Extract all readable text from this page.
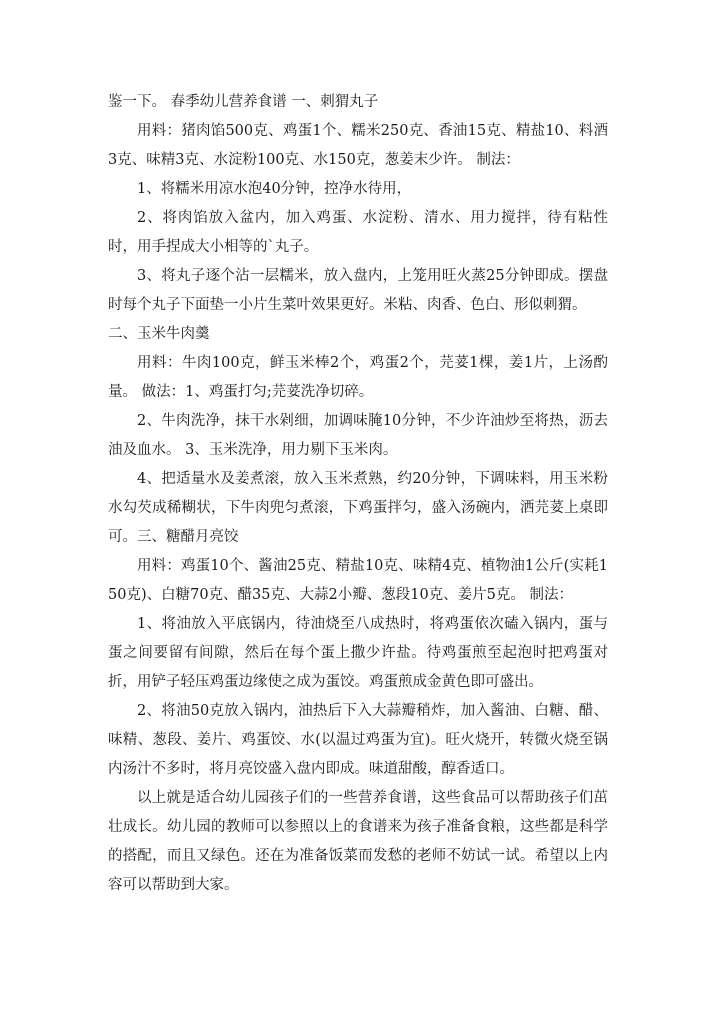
鉴一下。 春季幼儿营养食谱 一、刺猬丸子

用料：猪肉馅500克、鸡蛋1个、糯米250克、香油15克、精盐10、料酒3克、味精3克、水淀粉100克、水150克，葱姜末少许。 制法：

1、将糯米用凉水泡40分钟，控净水待用，

2、将肉馅放入盆内，加入鸡蛋、水淀粉、清水、用力搅拌，待有粘性时，用手捏成大小相等的`丸子。

3、将丸子逐个沾一层糯米，放入盘内，上笼用旺火蒸25分钟即成。摆盘时每个丸子下面垫一小片生菜叶效果更好。米粘、肉香、色白、形似刺猬。

二、玉米牛肉羹

用料：牛肉100克，鲜玉米棒2个，鸡蛋2个，芫荽1棵，姜1片，上汤酌量。 做法：1、鸡蛋打匀;芫荽洗净切碎。

2、牛肉洗净，抹干水剁细，加调味腌10分钟，不少许油炒至将热，沥去油及血水。 3、玉米洗净，用力剔下玉米肉。

4、把适量水及姜煮滚，放入玉米煮熟，约20分钟，下调味料，用玉米粉水勾芡成稀糊状，下牛肉兜匀煮滚，下鸡蛋拌匀，盛入汤碗内，洒芫荽上桌即可。三、糖醋月亮饺

用料：鸡蛋10个、酱油25克、精盐10克、味精4克、植物油1公斤(实耗150克)、白糖70克、醋35克、大蒜2小瓣、葱段10克、姜片5克。 制法：

1、将油放入平底锅内，待油烧至八成热时，将鸡蛋依次磕入锅内，蛋与蛋之间要留有间隙，然后在每个蛋上撒少许盐。待鸡蛋煎至起泡时把鸡蛋对折，用铲子轻压鸡蛋边缘使之成为蛋饺。鸡蛋煎成金黄色即可盛出。

2、将油50克放入锅内，油热后下入大蒜瓣稍炸，加入酱油、白糖、醋、味精、葱段、姜片、鸡蛋饺、水(以温过鸡蛋为宜)。旺火烧开，转微火烧至锅内汤汁不多时，将月亮饺盛入盘内即成。味道甜酸，醇香适口。

以上就是适合幼儿园孩子们的一些营养食谱，这些食品可以帮助孩子们茁壮成长。幼儿园的教师可以参照以上的食谱来为孩子准备食粮，这些都是科学的搭配，而且又绿色。还在为准备饭菜而发愁的老师不妨试一试。希望以上内容可以帮助到大家。
